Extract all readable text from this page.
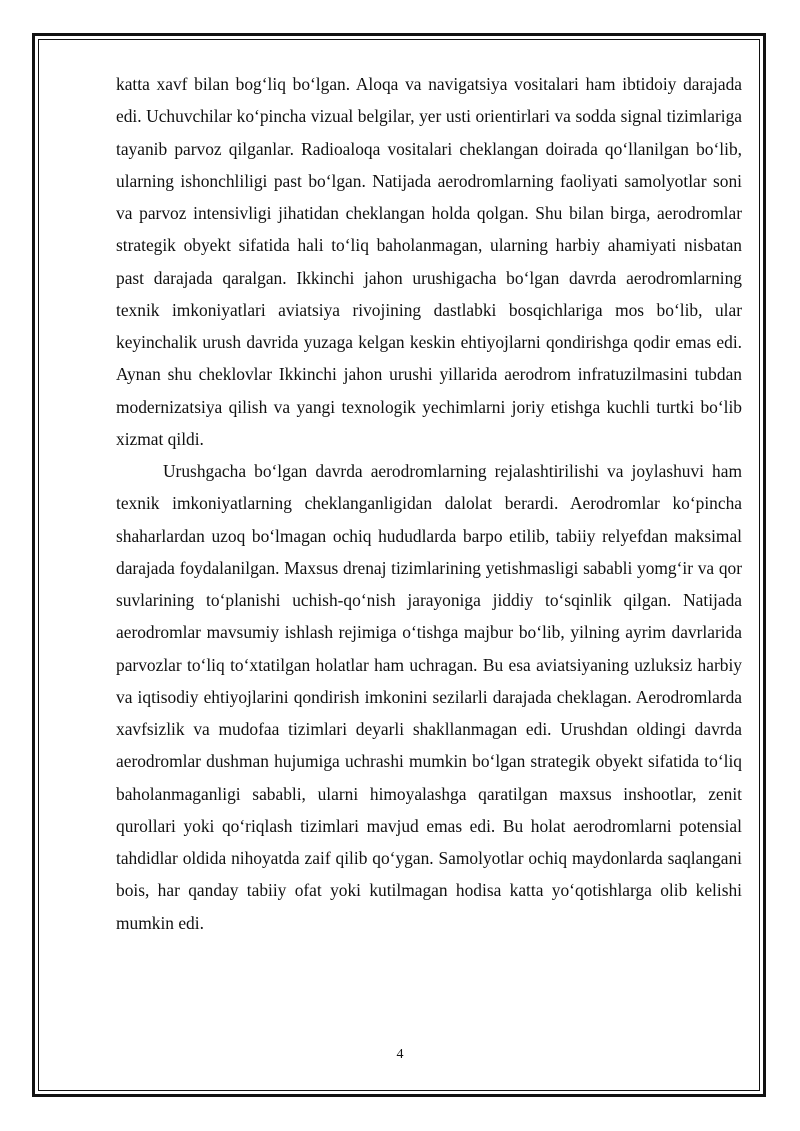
katta xavf bilan bog‘liq bo‘lgan. Aloqa va navigatsiya vositalari ham ibtidoiy darajada edi. Uchuvchilar ko‘pincha vizual belgilar, yer usti orientirlari va sodda signal tizimlariga tayanib parvoz qilganlar. Radioaloqa vositalari cheklangan doirada qo‘llanilgan bo‘lib, ularning ishonchliligi past bo‘lgan. Natijada aerodromlarning faoliyati samolyotlar soni va parvoz intensivligi jihatidan cheklangan holda qolgan. Shu bilan birga, aerodromlar strategik obyekt sifatida hali to‘liq baholanmagan, ularning harbiy ahamiyati nisbatan past darajada qaralgan. Ikkinchi jahon urushigacha bo‘lgan davrda aerodromlarning texnik imkoniyatlari aviatsiya rivojining dastlabki bosqichlariga mos bo‘lib, ular keyinchalik urush davrida yuzaga kelgan keskin ehtiyojlarni qondirishga qodir emas edi. Aynan shu cheklovlar Ikkinchi jahon urushi yillarida aerodrom infratuzilmasini tubdan modernizatsiya qilish va yangi texnologik yechimlarni joriy etishga kuchli turtki bo‘lib xizmat qildi.

Urushgacha bo‘lgan davrda aerodromlarning rejalashtirilishi va joylashuvi ham texnik imkoniyatlarning cheklanganligidan dalolat berardi. Aerodromlar ko‘pincha shaharlardan uzoq bo‘lmagan ochiq hududlarda barpo etilib, tabiiy relyefdan maksimal darajada foydalanilgan. Maxsus drenaj tizimlarining yetishmasligi sababli yomg‘ir va qor suvlarining to‘planishi uchish-qo‘nish jarayoniga jiddiy to‘sqinlik qilgan. Natijada aerodromlar mavsumiy ishlash rejimiga o‘tishga majbur bo‘lib, yilning ayrim davrlarida parvozlar to‘liq to‘xtatilgan holatlar ham uchragan. Bu esa aviatsiyaning uzluksiz harbiy va iqtisodiy ehtiyojlarini qondirish imkonini sezilarli darajada cheklagan. Aerodromlarda xavfsizlik va mudofaa tizimlari deyarli shakllanmagan edi. Urushdan oldingi davrda aerodromlar dushman hujumiga uchrashi mumkin bo‘lgan strategik obyekt sifatida to‘liq baholanmaganligi sababli, ularni himoyalashga qaratilgan maxsus inshootlar, zenit qurollari yoki qo‘riqlash tizimlari mavjud emas edi. Bu holat aerodromlarni potensial tahdidlar oldida nihoyatda zaif qilib qo‘ygan. Samolyotlar ochiq maydonlarda saqlangani bois, har qanday tabiiy ofat yoki kutilmagan hodisa katta yo‘qotishlarga olib kelishi mumkin edi.

4
